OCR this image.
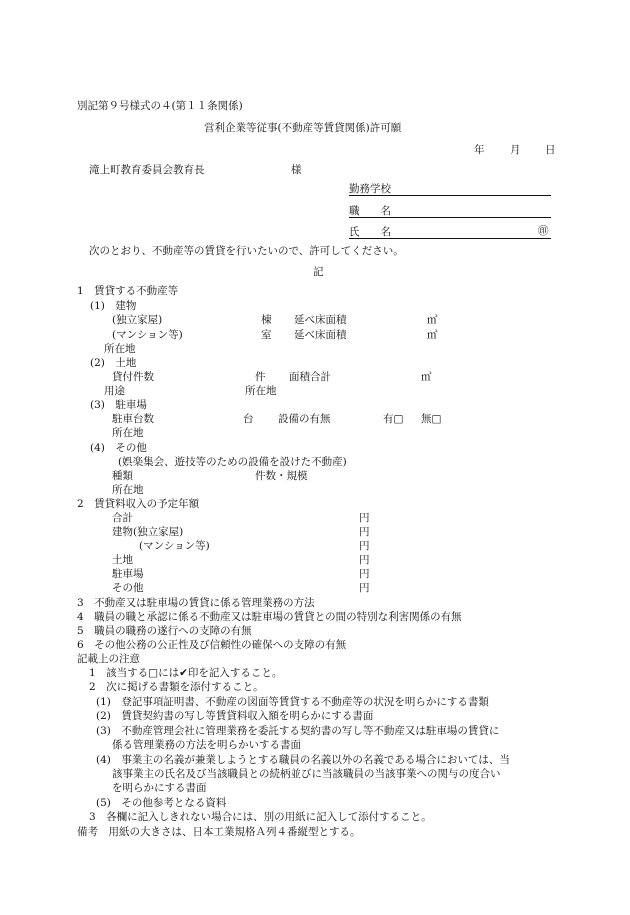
別記第９号様式の４(第１１条関係)
営利企業等従事(不動産等賃貸関係)許可願
年 月 日
滝上町教育委員会教育長	様
勤務学校
職　　名
氏　　名	㊞
次のとおり、不動産等の賃貸を行いたいので、許可してください。
記
1　賃貸する不動産等
(1)　建物
(独立家屋)	棟 延べ床面積	㎡
(マンション等)	室 延べ床面積	㎡
所在地
(2)　土地
貸付件数	件 面積合計	㎡
用途	所在地
(3)　駐車場
駐車台数	台 設備の有無	有□ 無□
所在地
(4)　その他
(娯楽集会、遊技等のための設備を設けた不動産)
種類	件数・規模
所在地
2　賃貸料収入の予定年額
合計	円
建物(独立家屋)	円
(マンション等)	円
土地	円
駐車場	円
その他	円
3　不動産又は駐車場の賃貸に係る管理業務の方法
4　職員の職と承認に係る不動産又は駐車場の賃貸との間の特別な利害関係の有無
5　職員の職務の遂行への支障の有無
6　その他公務の公正性及び信頼性の確保への支障の有無
記載上の注意
1　該当する□には✔印を記入すること。
2　次に掲げる書類を添付すること。
(1)　登記事項証明書、不動産の図面等賃貸する不動産等の状況を明らかにする書類
(2)　賃貸契約書の写し等賃貸料収入額を明らかにする書面
(3)　不動産管理会社に管理業務を委託する契約書の写し等不動産又は駐車場の賃貸に
係る管理業務の方法を明らかいする書面
(4)　事業主の名義が兼業しようとする職員の名義以外の名義である場合においては、当
該事業主の氏名及び当該職員との続柄並びに当該職員の当該事業への関与の度合い
を明らかにする書面
(5)　その他参考となる資料
3　各欄に記入しきれない場合には、別の用紙に記入して添付すること。
備考　用紙の大きさは、日本工業規格Ａ列４番縦型とする。
